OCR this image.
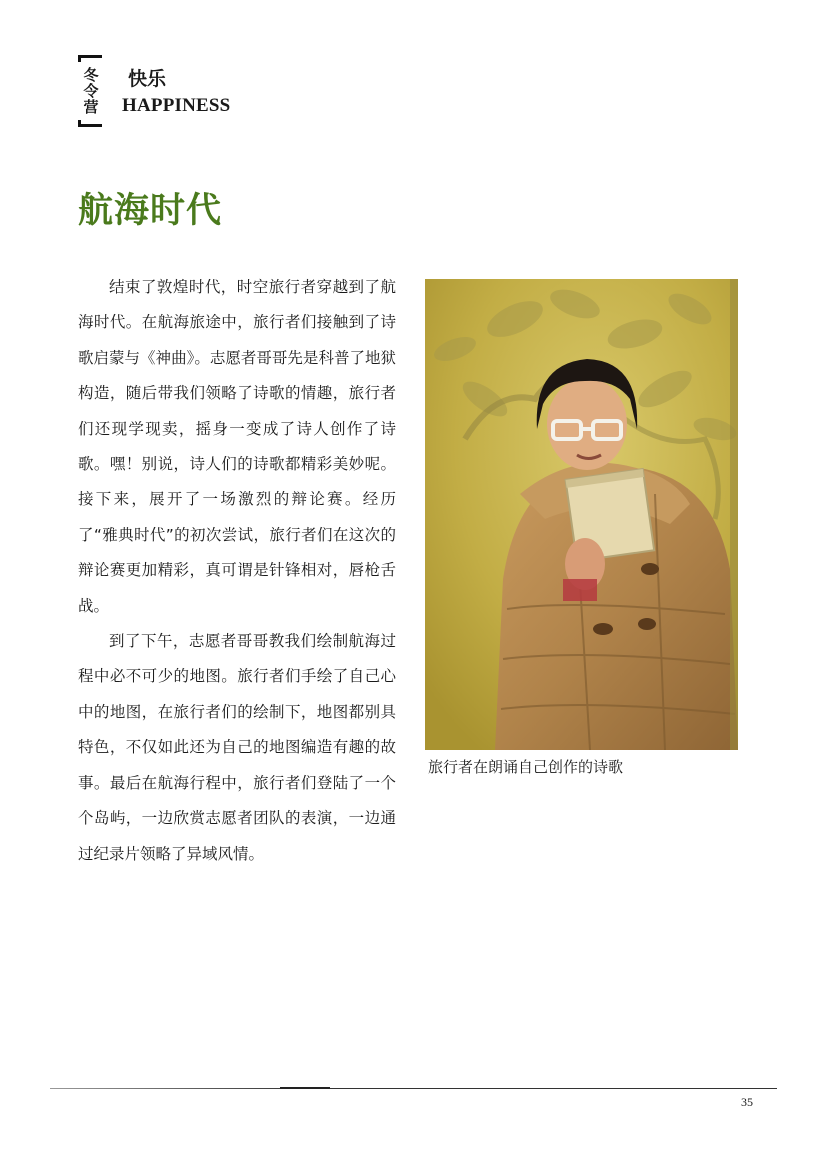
冬
令
营
快乐
HAPPINESS
航海时代

结束了敦煌时代，时空旅行者穿越到了航海时代。在航海旅途中，旅行者们接触到了诗歌启蒙与《神曲》。志愿者哥哥先是科普了地狱构造，随后带我们领略了诗歌的情趣，旅行者们还现学现卖，摇身一变成了诗人创作了诗歌。嘿！别说，诗人们的诗歌都精彩美妙呢。接下来，展开了一场激烈的辩论赛。经历了“雅典时代”的初次尝试，旅行者们在这次的辩论赛更加精彩，真可谓是针锋相对，唇枪舌战。

到了下午，志愿者哥哥教我们绘制航海过程中必不可少的地图。旅行者们手绘了自己心中的地图，在旅行者们的绘制下，地图都别具特色，不仅如此还为自己的地图编造有趣的故事。最后在航海行程中，旅行者们登陆了一个个岛屿，一边欣赏志愿者团队的表演，一边通过纪录片领略了异域风情。

旅行者在朗诵自己创作的诗歌
35
